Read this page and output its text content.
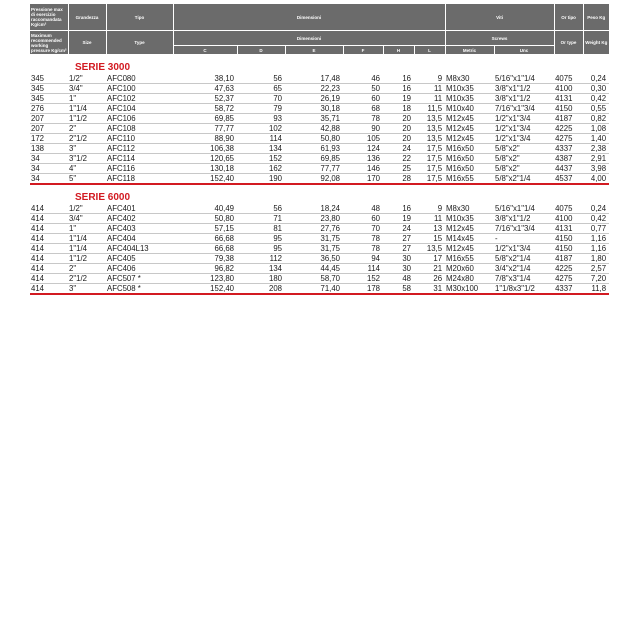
Pressione max di esercizio raccomandata Kg/cm²	Grandezza	Tipo	Dimensioni						Viti		Or tipo	Peso Kg
Maximum recommended working pressure Kg/cm²	Size	Type	Dimensioni						Screws		Or type	Weight Kg
			C	D	E	F	H	L	Metric	Unc		
SERIE 3000												
345	1/2"	AFC080	38,10	56	17,48	46	16	9	M8x30	5/16"x1"1/4	4075	0,24
345	3/4"	AFC100	47,63	65	22,23	50	16	11	M10x35	3/8"x1"1/2	4100	0,30
345	1"	AFC102	52,37	70	26,19	60	19	11	M10x35	3/8"x1"1/2	4131	0,42
276	1"1/4	AFC104	58,72	79	30,18	68	18	11,5	M10x40	7/16"x1"3/4	4150	0,55
207	1"1/2	AFC106	69,85	93	35,71	78	20	13,5	M12x45	1/2"x1"3/4	4187	0,82
207	2"	AFC108	77,77	102	42,88	90	20	13,5	M12x45	1/2"x1"3/4	4225	1,08
172	2"1/2	AFC110	88,90	114	50,80	105	20	13,5	M12x45	1/2"x1"3/4	4275	1,40
138	3"	AFC112	106,38	134	61,93	124	24	17,5	M16x50	5/8"x2"	4337	2,38
34	3"1/2	AFC114	120,65	152	69,85	136	22	17,5	M16x50	5/8"x2"	4387	2,91
34	4"	AFC116	130,18	162	77,77	146	25	17,5	M16x50	5/8"x2"	4437	3,98
34	5"	AFC118	152,40	190	92,08	170	28	17,5	M16x55	5/8"x2"1/4	4537	4,00
SERIE 6000												
414	1/2"	AFC401	40,49	56	18,24	48	16	9	M8x30	5/16"x1"1/4	4075	0,24
414	3/4"	AFC402	50,80	71	23,80	60	19	11	M10x35	3/8"x1"1/2	4100	0,42
414	1"	AFC403	57,15	81	27,76	70	24	13	M12x45	7/16"x1"3/4	4131	0,77
414	1"1/4	AFC404	66,68	95	31,75	78	27	15	M14x45	-	4150	1,16
414	1"1/4	AFC404L13	66,68	95	31,75	78	27	13,5	M12x45	1/2"x1"3/4	4150	1,16
414	1"1/2	AFC405	79,38	112	36,50	94	30	17	M16x55	5/8"x2"1/4	4187	1,80
414	2"	AFC406	96,82	134	44,45	114	30	21	M20x60	3/4"x2"1/4	4225	2,57
414	2"1/2	AFC507 *	123,80	180	58,70	152	48	26	M24x80	7/8"x3"1/4	4275	7,20
414	3"	AFC508 *	152,40	208	71,40	178	58	31	M30x100	1"1/8x3"1/2	4337	11,8
